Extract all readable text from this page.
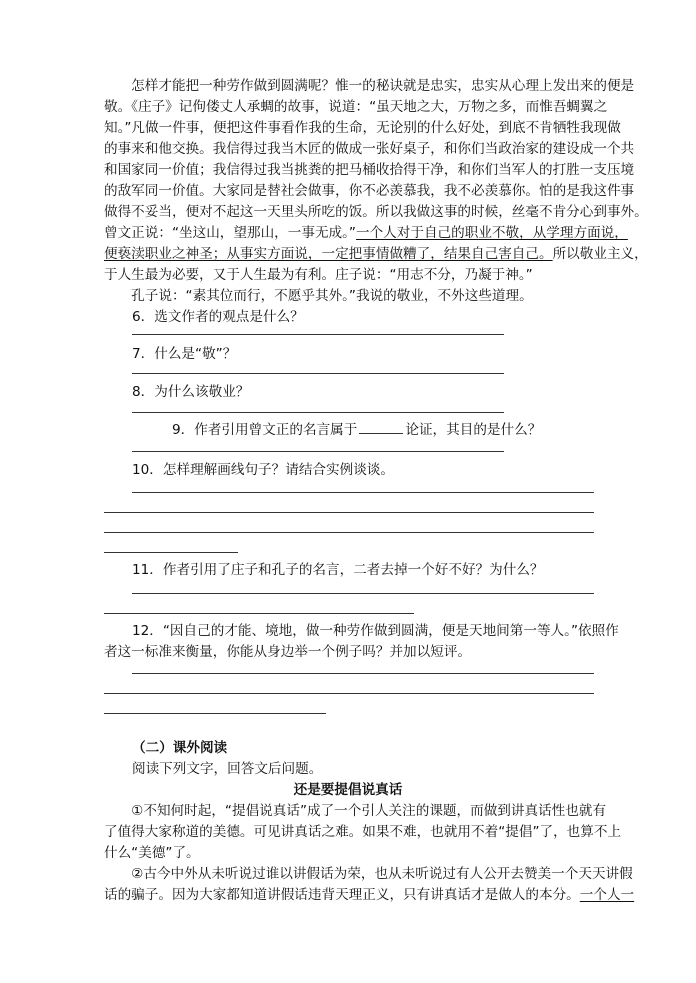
　　怎样才能把一种劳作做到圆满呢？惟一的秘诀就是忠实，忠实从心理上发出来的便是
敬。《庄子》记佝偻丈人承蜩的故事，说道：“虽天地之大，万物之多，而惟吾蜩翼之
知。”凡做一件事，便把这件事看作我的生命，无论别的什么好处，到底不肯牺牲我现做
的事来和他交换。我信得过我当木匠的做成一张好桌子，和你们当政治家的建设成一个共
和国家同一价值；我信得过我当挑粪的把马桶收拾得干净，和你们当军人的打胜一支压境
的敌军同一价值。大家同是替社会做事，你不必羡慕我，我不必羡慕你。怕的是我这件事
做得不妥当，便对不起这一天里头所吃的饭。所以我做这事的时候，丝毫不肯分心到事外。
曾文正说：“坐这山，望那山，一事无成。”一个人对于自己的职业不敬，从学理方面说，
便亵渎职业之神圣；从事实方面说，一定把事情做糟了，结果自己害自己。所以敬业主义，
于人生最为必要，又于人生最为有利。庄子说：“用志不分，乃凝于神。”
　　孔子说：“素其位而行，不愿乎其外。”我说的敬业，不外这些道理。
6．选文作者的观点是什么？
7．什么是“敬”？
8．为什么该敬业？
9．作者引用曾文正的名言属于	论证，其目的是什么？
10．怎样理解画线句子？请结合实例谈谈。
11．作者引用了庄子和孔子的名言，二者去掉一个好不好？为什么？
12．“因自己的才能、境地，做一种劳作做到圆满，便是天地间第一等人。”依照作
者这一标准来衡量，你能从身边举一个例子吗？并加以短评。
（二）课外阅读
阅读下列文字，回答文后问题。
还是要提倡说真话
　　①不知何时起，“提倡说真话”成了一个引人关注的课题，而做到讲真话性也就有
了值得大家称道的美德。可见讲真话之难。如果不难，也就用不着“提倡”了，也算不上
什么“美德”了。
　　②古今中外从未听说过谁以讲假话为荣，也从未听说过有人公开去赞美一个天天讲假
话的骗子。因为大家都知道讲假话违背天理正义，只有讲真话才是做人的本分。一个人一
